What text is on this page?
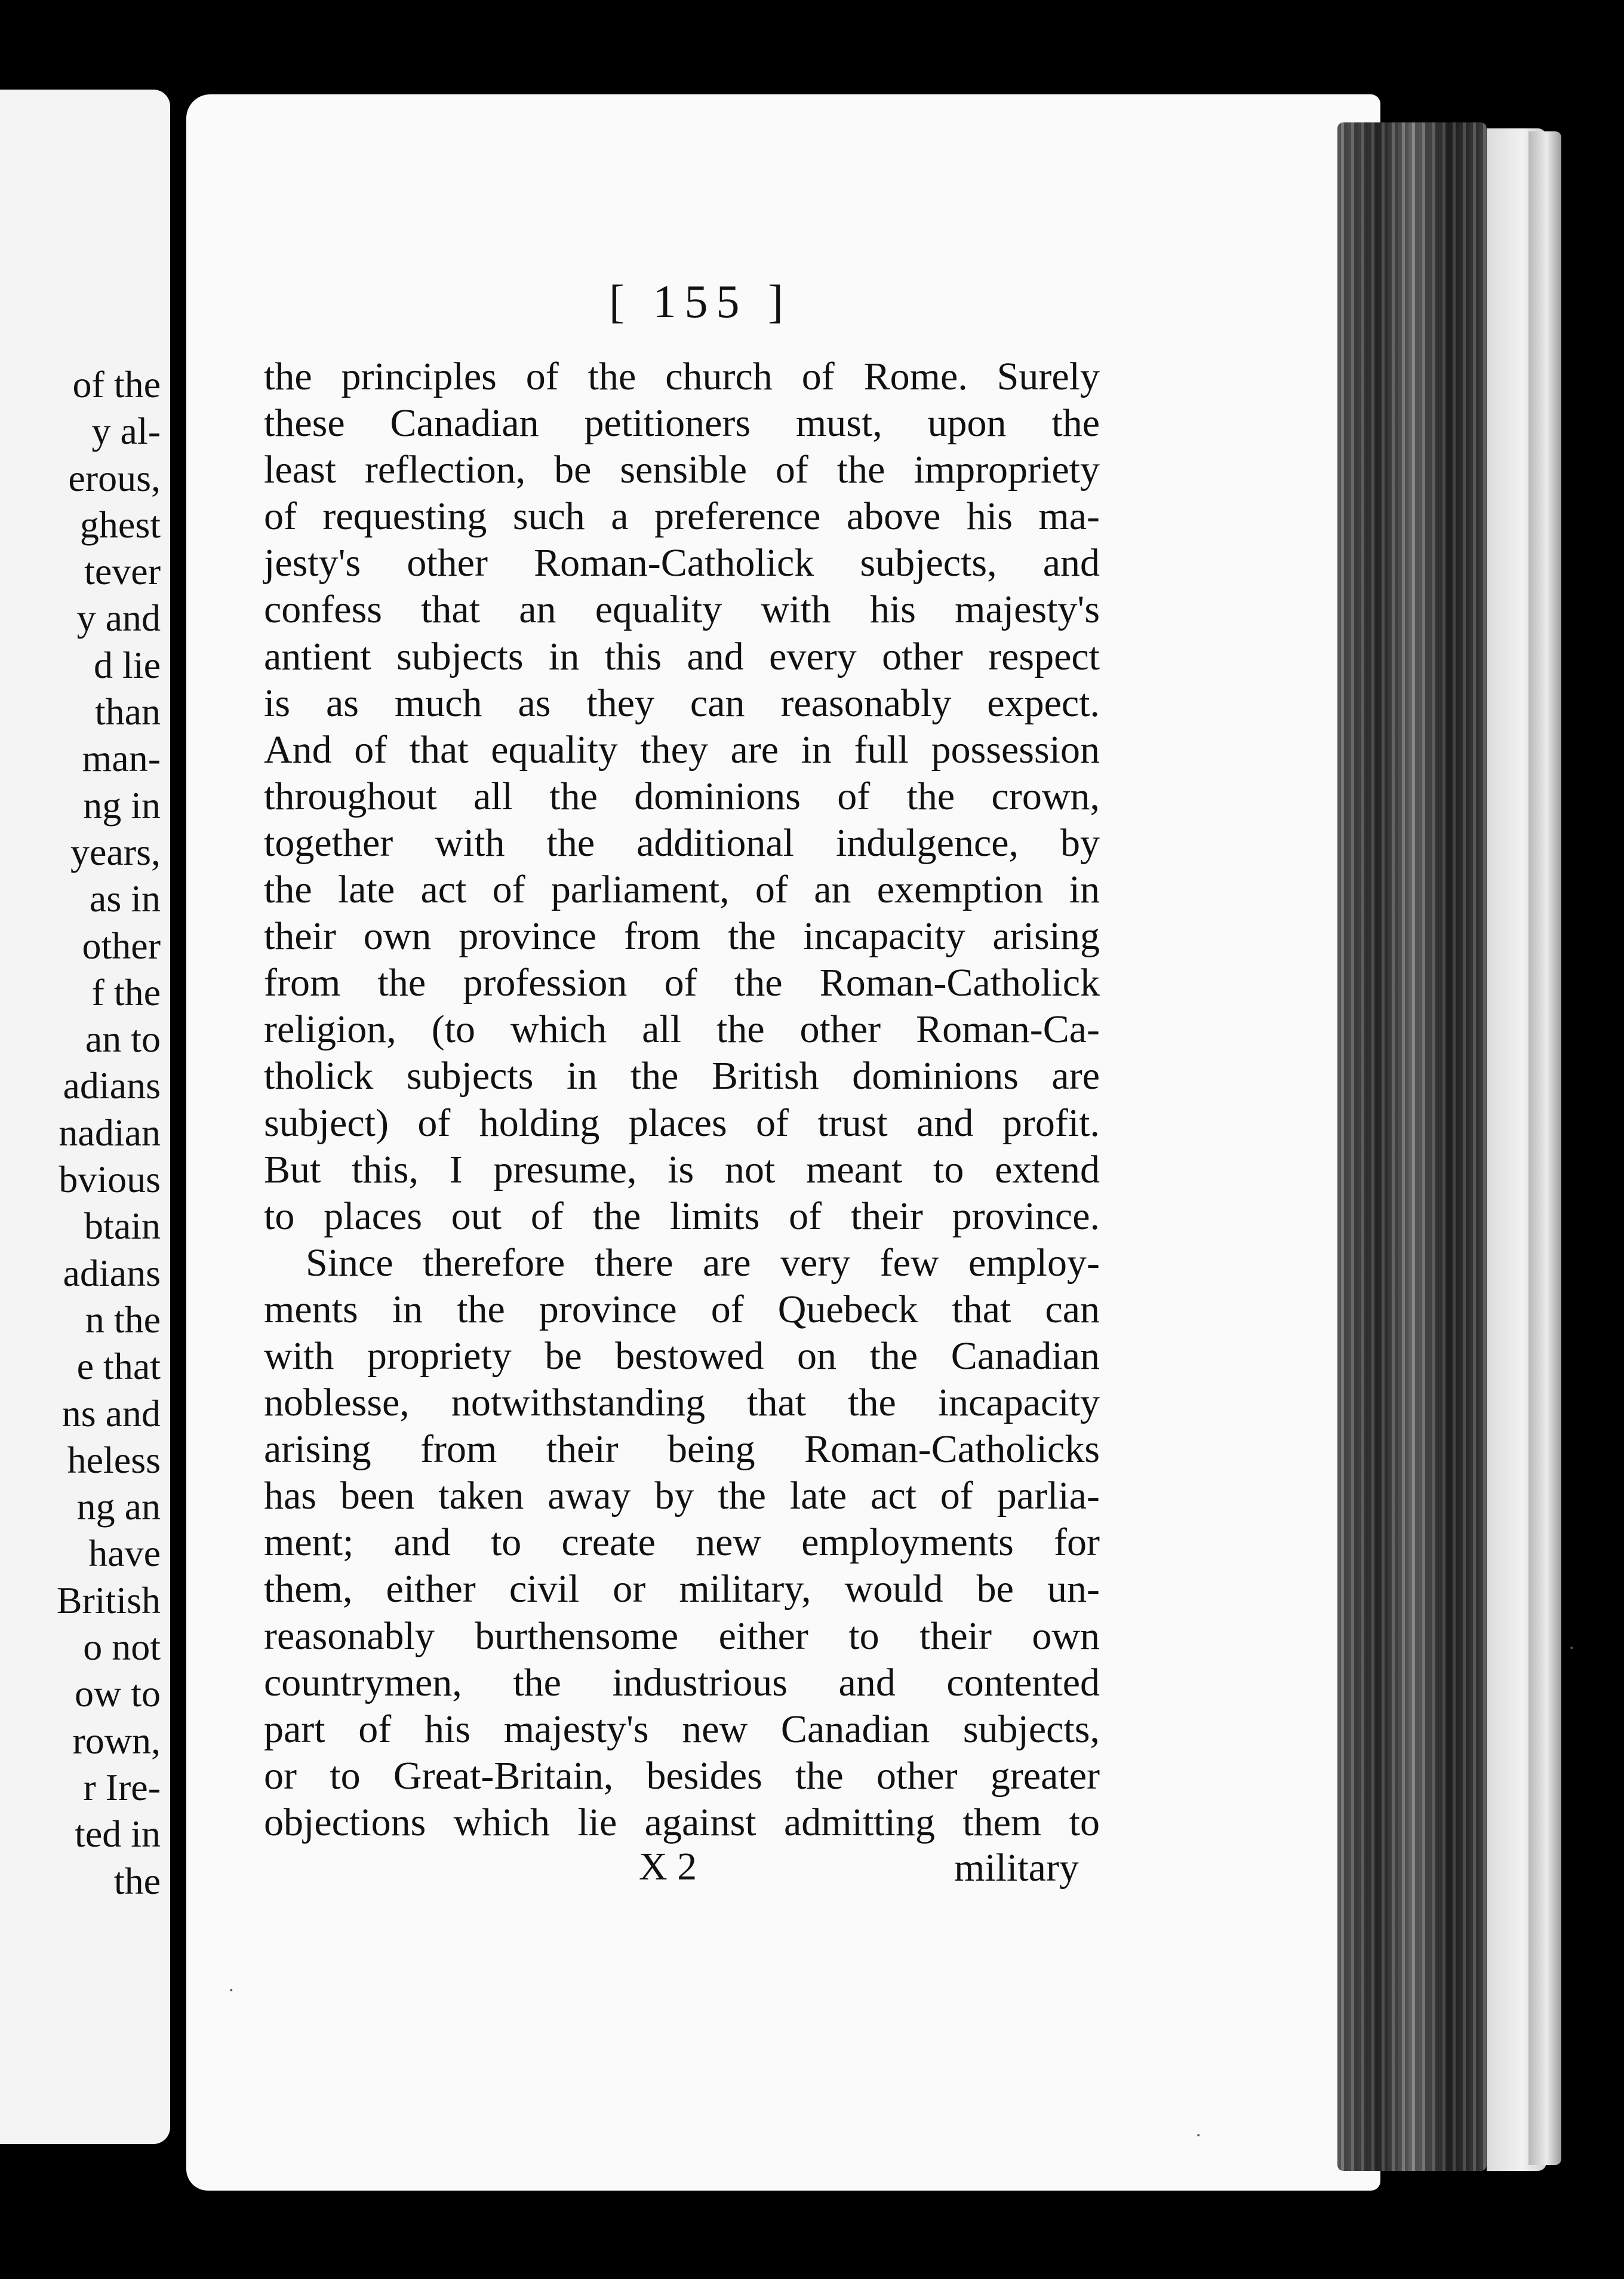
of the
y al-
erous,
ghest
tever
y and
d lie
than
man-
ng in
years,
as in
other
f the
an to
adians
nadian
bvious
btain
adians
n the
e that
ns and
heless
ng an
have
British
o not
ow to
rown,
r Ire-
ted in
the
[ 155 ]
the principles of the church of Rome. Surely
these Canadian petitioners must, upon the
least reflection, be sensible of the impropriety
of requesting such a preference above his ma-
jesty's other Roman-Catholick subjects, and
confess that an equality with his majesty's
antient subjects in this and every other respect
is as much as they can reasonably expect.
And of that equality they are in full possession
throughout all the dominions of the crown,
together with the additional indulgence, by
the late act of parliament, of an exemption in
their own province from the incapacity arising
from the profession of the Roman-Catholick
religion, (to which all the other Roman-Ca-
tholick subjects in the British dominions are
subject) of holding places of trust and profit.
But this, I presume, is not meant to extend
to places out of the limits of their province.
Since therefore there are very few employ-
ments in the province of Quebeck that can
with propriety be bestowed on the Canadian
noblesse, notwithstanding that the incapacity
arising from their being Roman-Catholicks
has been taken away by the late act of parlia-
ment; and to create new employments for
them, either civil or military, would be un-
reasonably burthensome either to their own
countrymen, the industrious and contented
part of his majesty's new Canadian subjects,
or to Great-Britain, besides the other greater
objections which lie against admitting them to
X 2	military
.
.
.
